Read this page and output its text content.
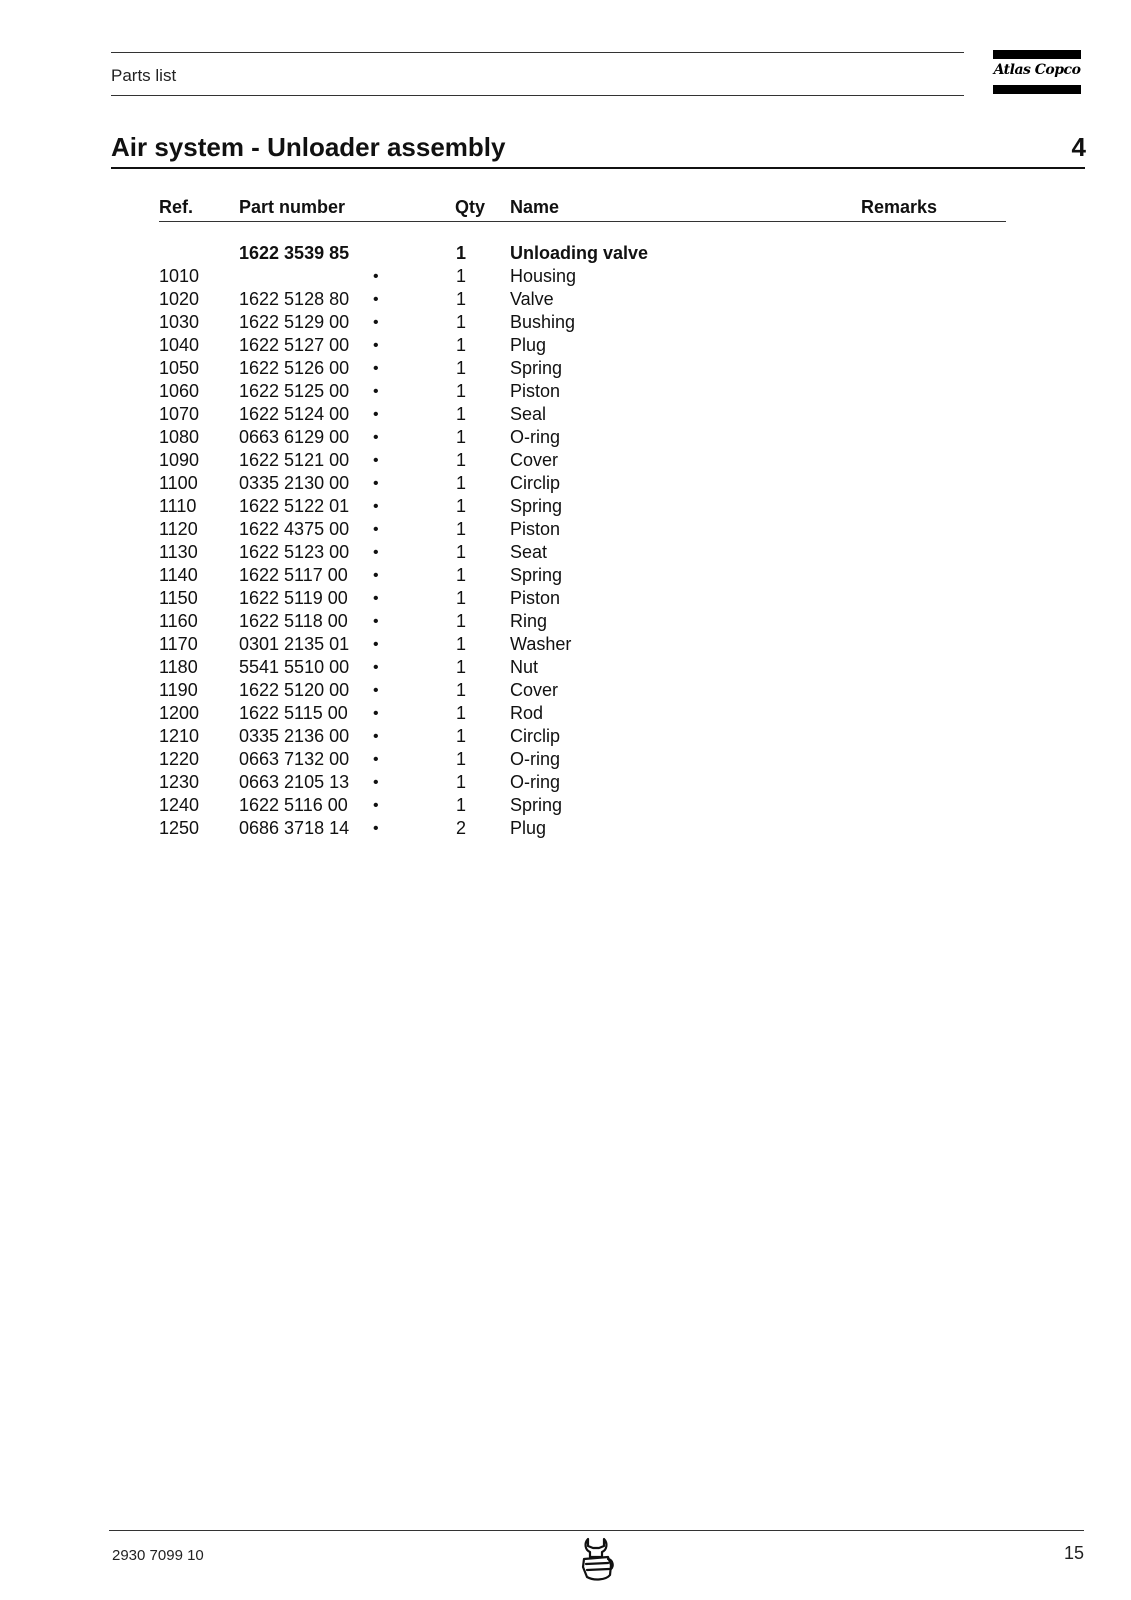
Parts list	Atlas Copco
Air system - Unloader assembly	4
Ref.	Part number	Qty Name	Remarks
1622 3539 85	1 Unloading valve
1010	•	1 Housing
1020 1622 5128 80 •	1 Valve
1030 1622 5129 00 •	1 Bushing
1040 1622 5127 00 •	1 Plug
1050 1622 5126 00 •	1 Spring
1060 1622 5125 00 •	1 Piston
1070 1622 5124 00 •	1 Seal
1080 0663 6129 00 •	1 O-ring
1090 1622 5121 00 •	1 Cover
1100 0335 2130 00 •	1 Circlip
1110 1622 5122 01 •	1 Spring
1120 1622 4375 00 •	1 Piston
1130 1622 5123 00 •	1 Seat
1140 1622 5117 00 •	1 Spring
1150 1622 5119 00 •	1 Piston
1160 1622 5118 00 •	1 Ring
1170 0301 2135 01 •	1 Washer
1180 5541 5510 00 •	1 Nut
1190 1622 5120 00 •	1 Cover
1200 1622 5115 00 •	1 Rod
1210 0335 2136 00 •	1 Circlip
1220 0663 7132 00 •	1 O-ring
1230 0663 2105 13 •	1 O-ring
1240 1622 5116 00 •	1 Spring
1250 0686 3718 14 •	2 Plug
2930 7099 10	15
